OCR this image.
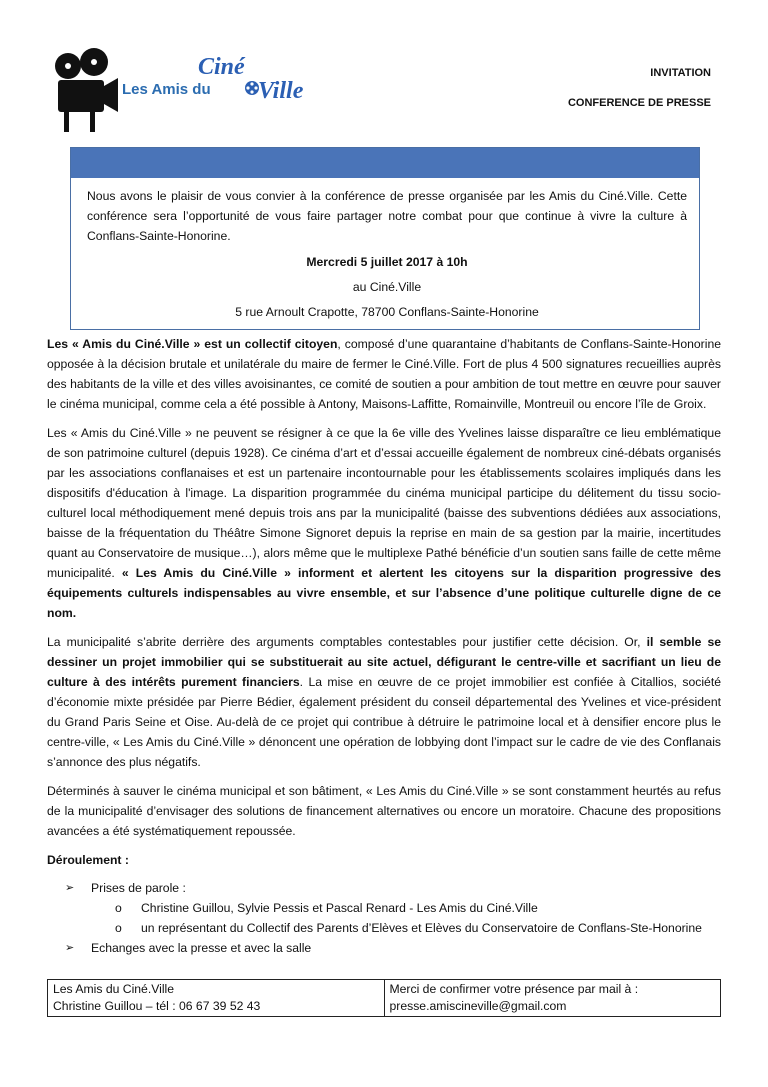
Les Amis du
Ciné
Ville
INVITATION
CONFERENCE DE PRESSE

Nous avons le plaisir de vous convier à la conférence de presse organisée par les Amis du Ciné.Ville. Cette conférence sera l’opportunité de vous faire partager notre combat pour que continue à vivre la culture à Conflans-Sainte-Honorine.

Mercredi 5 juillet 2017 à 10h

au Ciné.Ville

5 rue Arnoult Crapotte, 78700 Conflans-Sainte-Honorine

Les « Amis du Ciné.Ville » est un collectif citoyen, composé d’une quarantaine d’habitants de Conflans-Sainte-Honorine opposée à la décision brutale et unilatérale du maire de fermer le Ciné.Ville. Fort de plus 4 500 signatures recueillies auprès des habitants de la ville et des villes avoisinantes, ce comité de soutien a pour ambition de tout mettre en œuvre pour sauver le cinéma municipal, comme cela a été possible à Antony, Maisons-Laffitte, Romainville, Montreuil ou encore l’île de Groix.

Les « Amis du Ciné.Ville » ne peuvent se résigner à ce que la 6e ville des Yvelines laisse disparaître ce lieu emblématique de son patrimoine culturel (depuis 1928). Ce cinéma d’art et d’essai accueille également de nombreux ciné-débats organisés par les associations conflanaises et est un partenaire incontournable pour les établissements scolaires impliqués dans les dispositifs d'éducation à l'image. La disparition programmée du cinéma municipal participe du délitement du tissu socio-culturel local méthodiquement mené depuis trois ans par la municipalité (baisse des subventions dédiées aux associations, baisse de la fréquentation du Théâtre Simone Signoret depuis la reprise en main de sa gestion par la mairie, incertitudes quant au Conservatoire de musique…), alors même que le multiplexe Pathé bénéficie d’un soutien sans faille de cette même municipalité. « Les Amis du Ciné.Ville » informent et alertent les citoyens sur la disparition progressive des équipements culturels indispensables au vivre ensemble, et sur l’absence d’une politique culturelle digne de ce nom.

La municipalité s’abrite derrière des arguments comptables contestables pour justifier cette décision. Or, il semble se dessiner un projet immobilier qui se substituerait au site actuel, défigurant le centre-ville et sacrifiant un lieu de culture à des intérêts purement financiers. La mise en œuvre de ce projet immobilier est confiée à Citallios, société d’économie mixte présidée par Pierre Bédier, également président du conseil départemental des Yvelines et vice-président du Grand Paris Seine et Oise. Au-delà de ce projet qui contribue à détruire le patrimoine local et à densifier encore plus le centre-ville, « Les Amis du Ciné.Ville » dénoncent une opération de lobbying dont l’impact sur le cadre de vie des Conflanais s’annonce des plus négatifs.

Déterminés à sauver le cinéma municipal et son bâtiment, « Les Amis du Ciné.Ville » se sont constamment heurtés au refus de la municipalité d’envisager des solutions de financement alternatives ou encore un moratoire. Chacune des propositions avancées a été systématiquement repoussée.

Déroulement :
➢ Prises de parole :
o Christine Guillou, Sylvie Pessis et Pascal Renard - Les Amis du Ciné.Ville
o un représentant du Collectif des Parents d’Elèves et Elèves du Conservatoire de Conflans-Ste-Honorine
➢ Echanges avec la presse et avec la salle
Les Amis du Ciné.Ville
Christine Guillou – tél : 06 67 39 52 43

Merci de confirmer votre présence par mail à :
presse.amiscineville@gmail.com
